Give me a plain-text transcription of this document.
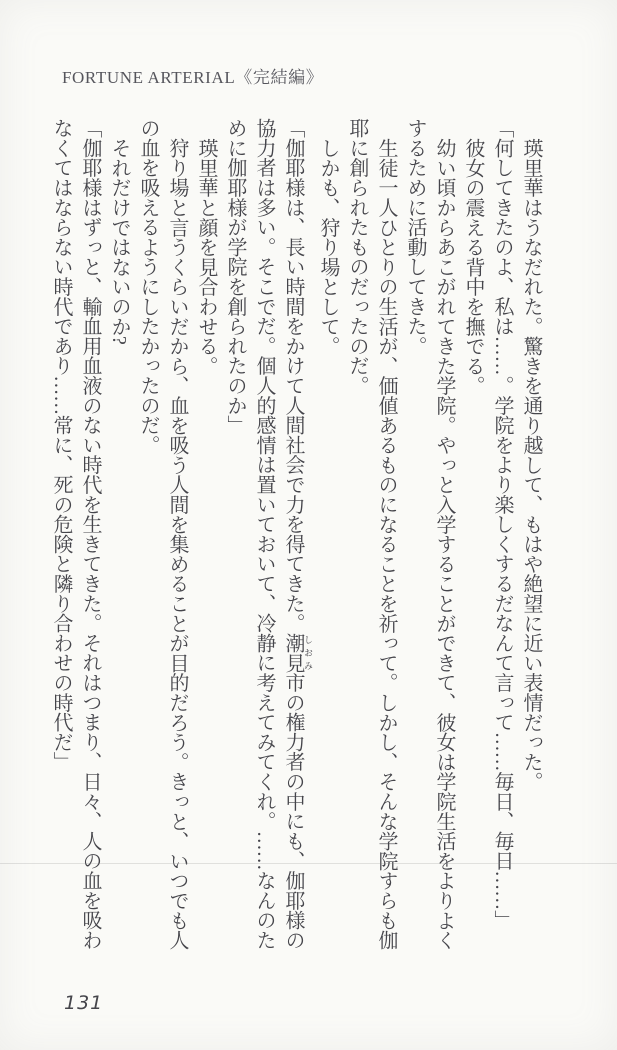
FORTUNE ARTERIAL《完結編》

瑛里華はうなだれた。驚きを通り越して、もはや絶望に近い表情だった。

「何してきたのよ、私は……。学院をより楽しくするだなんて言って……毎日、毎日……」

彼女の震える背中を撫でる。

幼い頃からあこがれてきた学院。やっと入学することができて、彼女は学院生活をよりよくするために活動してきた。

生徒一人ひとりの生活が、価値あるものになることを祈って。しかし、そんな学院すらも伽耶に創られたものだったのだ。

しかも、狩り場として。

「伽耶様は、長い時間をかけて人間社会で力を得てきた。潮見 しおみ市の権力者の中にも、伽耶様の協力者は多い。そこでだ。個人的感情は置いておいて、冷静に考えてみてくれ。……なんのために伽耶様が学院を創られたのか」

瑛里華と顔を見合わせる。

狩り場と言うくらいだから、血を吸う人間を集めることが目的だろう。きっと、いつでも人の血を吸えるようにしたかったのだ。

それだけではないのか?

「伽耶様はずっと、輸血用血液のない時代を生きてきた。それはつまり、日々、人の血を吸わなくてはならない時代であり……常に、死の危険と隣り合わせの時代だ」

131
